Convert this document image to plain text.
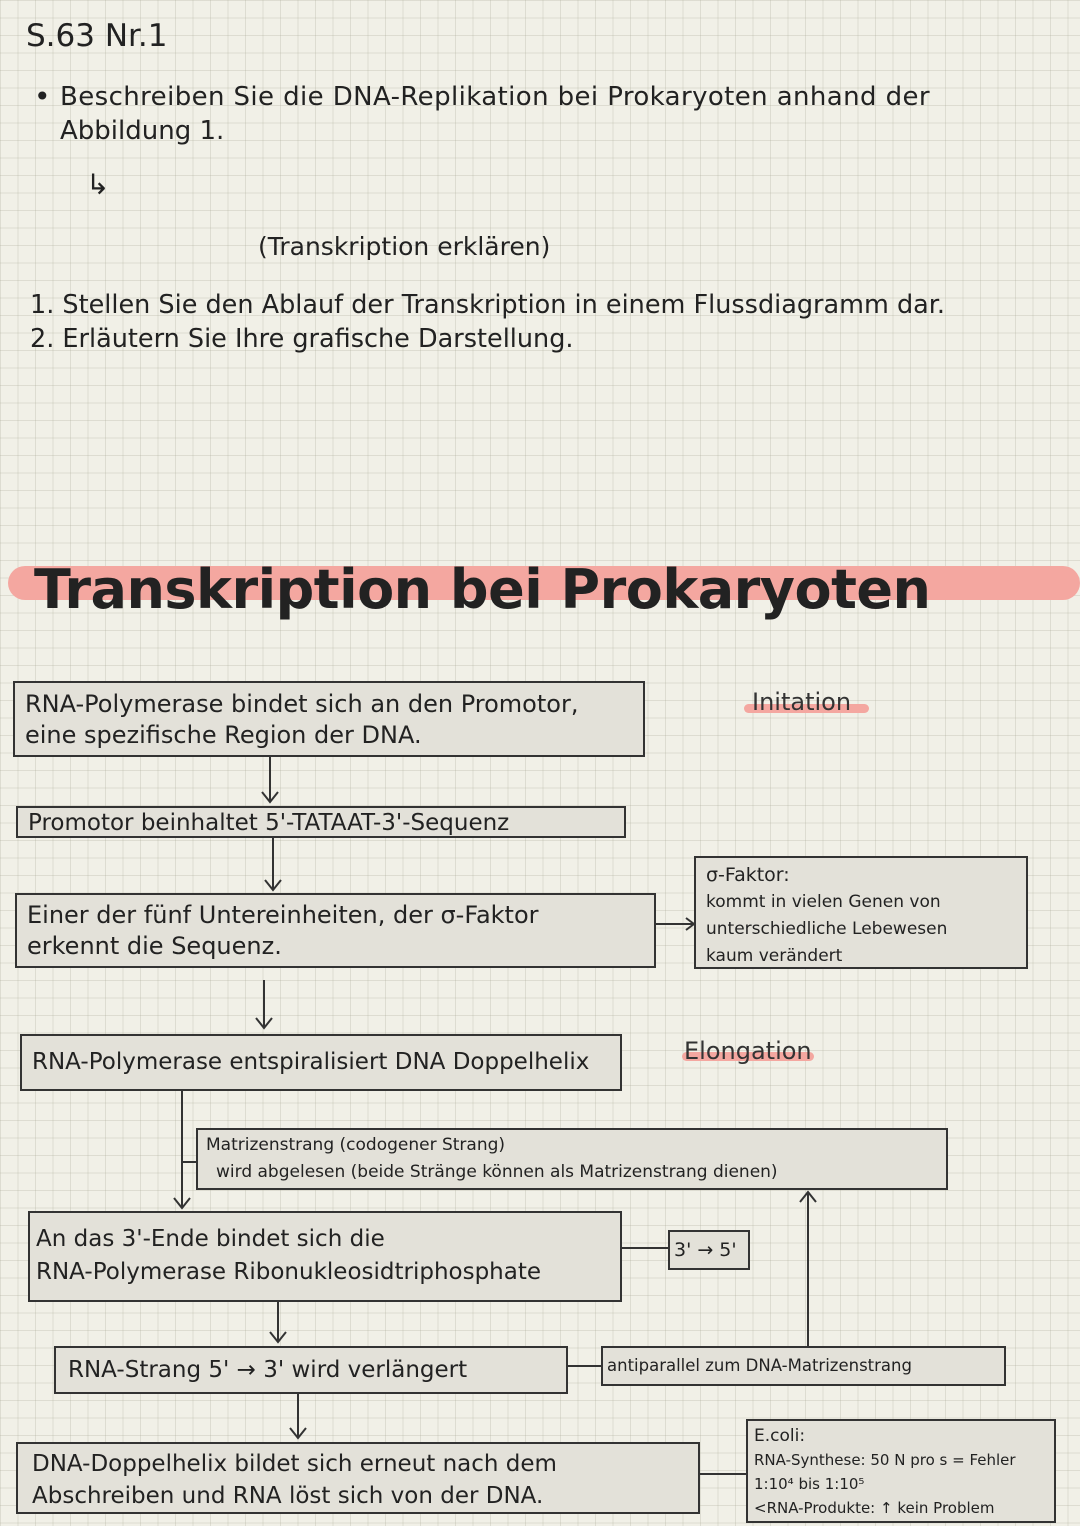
S.63 Nr.1
• Beschreiben Sie die DNA-Replikation bei Prokaryoten anhand der
Abbildung 1.
↳
(Transkription erklären)
1. Stellen Sie den Ablauf der Transkription in einem Flussdiagramm dar.
2. Erläutern Sie Ihre grafische Darstellung.
Transkription bei Prokaryoten
RNA-Polymerase bindet sich an den Promotor,
eine spezifische Region der DNA.
Promotor beinhaltet 5'-TATAAT-3'-Sequenz
Einer der fünf Untereinheiten, der σ-Faktor
erkennt die Sequenz.
RNA-Polymerase entspiralisiert DNA Doppelhelix
An das 3'-Ende bindet sich die
RNA-Polymerase Ribonukleosidtriphosphate
RNA-Strang 5' → 3' wird verlängert
DNA-Doppelhelix bildet sich erneut nach dem
Abschreiben und RNA löst sich von der DNA.
Initation
Elongation
σ-Faktor:
kommt in vielen Genen von
unterschiedliche Lebewesen
kaum verändert
Matrizenstrang (codogener Strang)
wird abgelesen (beide Stränge können als Matrizenstrang dienen)
3' → 5'
antiparallel zum DNA-Matrizenstrang
E.coli:
RNA-Synthese: 50 N pro s = Fehler
1:10⁴ bis 1:10⁵
<RNA-Produkte: ↑ kein Problem
